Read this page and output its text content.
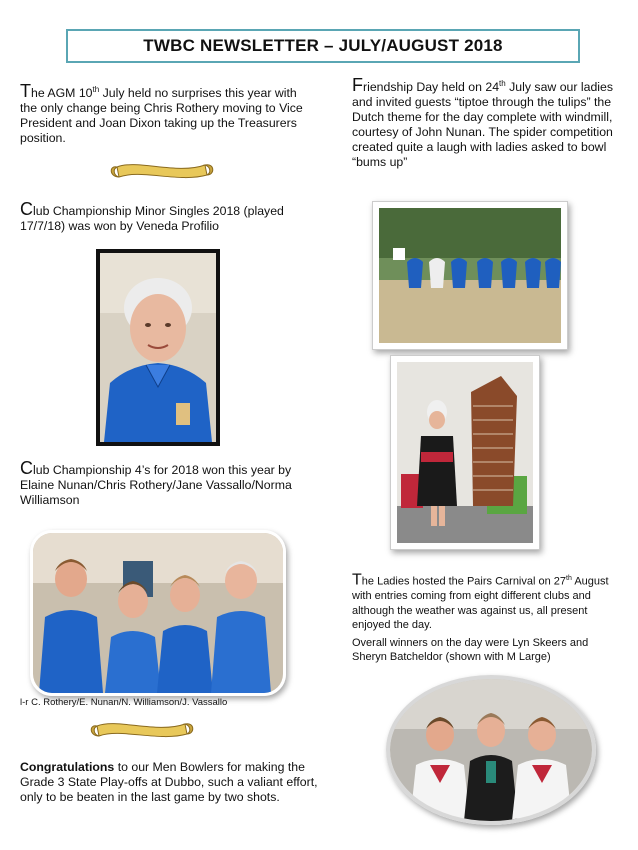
TWBC NEWSLETTER – JULY/AUGUST 2018
The AGM 10th July held no surprises this year with the only change being Chris Rothery moving to Vice President and Joan Dixon taking up the Treasurers position.
Club Championship Minor Singles 2018 (played 17/7/18) was won by Veneda Profilio
Club Championship 4’s for 2018 won this year by Elaine Nunan/Chris Rothery/Jane Vassallo/Norma Williamson
l-r C. Rothery/E. Nunan/N. Williamson/J. Vassallo
Congratulations to our Men Bowlers for making the Grade 3 State Play-offs at Dubbo, such a valiant effort, only to be beaten in the last game by two shots.
Friendship Day held on 24th July saw our ladies and invited guests “tiptoe through the tulips” the Dutch theme for the day complete with windmill, courtesy of John Nunan. The spider competition created quite a laugh with ladies asked to bowl “bums up”
The Ladies hosted the Pairs Carnival on 27th August with entries coming from eight different clubs and although the weather was against us, all present enjoyed the day.
Overall winners on the day were Lyn Skeers and Sheryn Batcheldor (shown with M Large)
